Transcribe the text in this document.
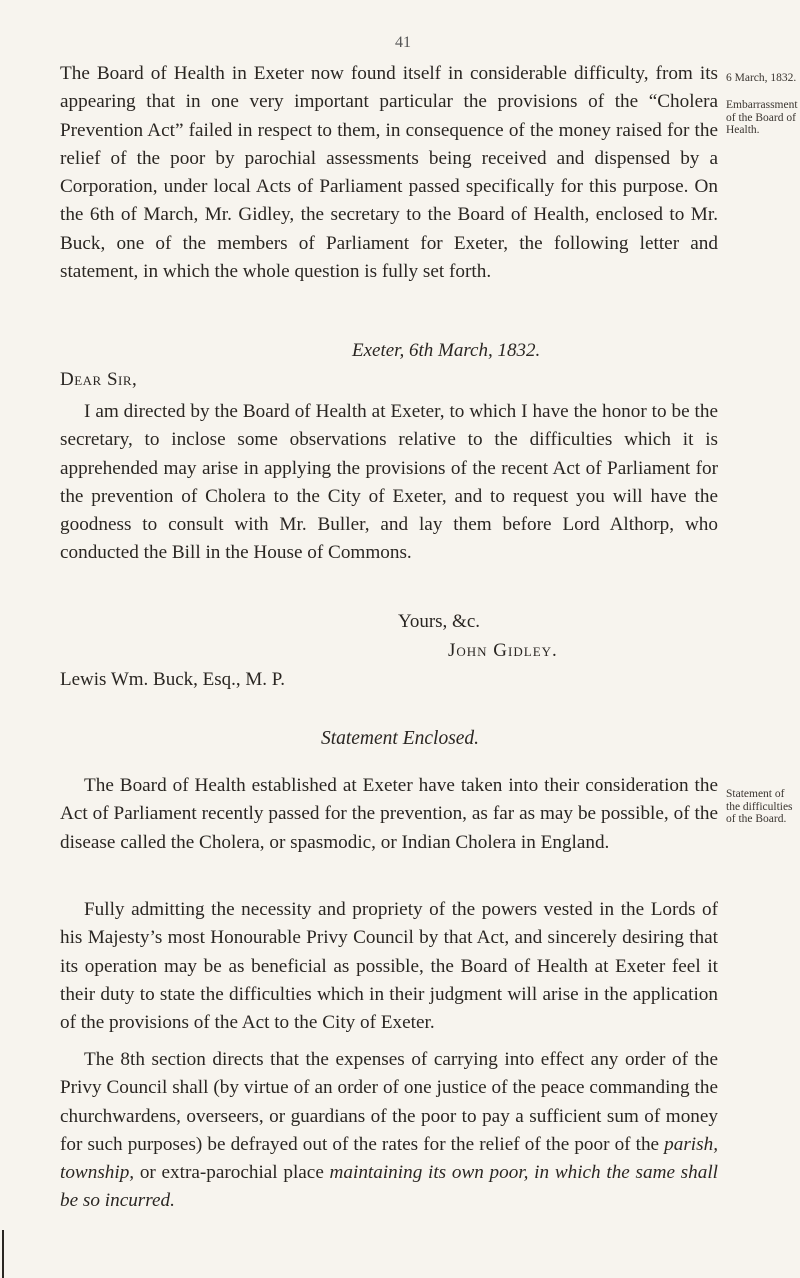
41

The Board of Health in Exeter now found itself in considerable difficulty, from its appearing that in one very important particular the provisions of the “Cholera Prevention Act” failed in respect to them, in consequence of the money raised for the relief of the poor by parochial assessments being received and dispensed by a Corporation, under local Acts of Parliament passed specifically for this purpose. On the 6th of March, Mr. Gidley, the secretary to the Board of Health, enclosed to Mr. Buck, one of the members of Parliament for Exeter, the following letter and statement, in which the whole question is fully set forth.

6 March, 1832.
Embarrassment of the Board of Health.
Exeter, 6th March, 1832.
Dear Sir,

I am directed by the Board of Health at Exeter, to which I have the honor to be the secretary, to inclose some observations relative to the difficulties which it is apprehended may arise in applying the provisions of the recent Act of Parliament for the prevention of Cholera to the City of Exeter, and to request you will have the goodness to consult with Mr. Buller, and lay them before Lord Althorp, who conducted the Bill in the House of Commons.

Yours, &c.
John Gidley.
Lewis Wm. Buck, Esq., M. P.
Statement Enclosed.
Statement of the difficulties of the Board.

The Board of Health established at Exeter have taken into their consideration the Act of Parliament recently passed for the prevention, as far as may be possible, of the disease called the Cholera, or spasmodic, or Indian Cholera in England.

Fully admitting the necessity and propriety of the powers vested in the Lords of his Majesty’s most Honourable Privy Council by that Act, and sincerely desiring that its operation may be as beneficial as possible, the Board of Health at Exeter feel it their duty to state the difficulties which in their judgment will arise in the application of the provisions of the Act to the City of Exeter.

The 8th section directs that the expenses of carrying into effect any order of the Privy Council shall (by virtue of an order of one justice of the peace commanding the churchwardens, overseers, or guardians of the poor to pay a sufficient sum of money for such purposes) be defrayed out of the rates for the relief of the poor of the parish, township, or extra-parochial place maintaining its own poor, in which the same shall be so incurred.
